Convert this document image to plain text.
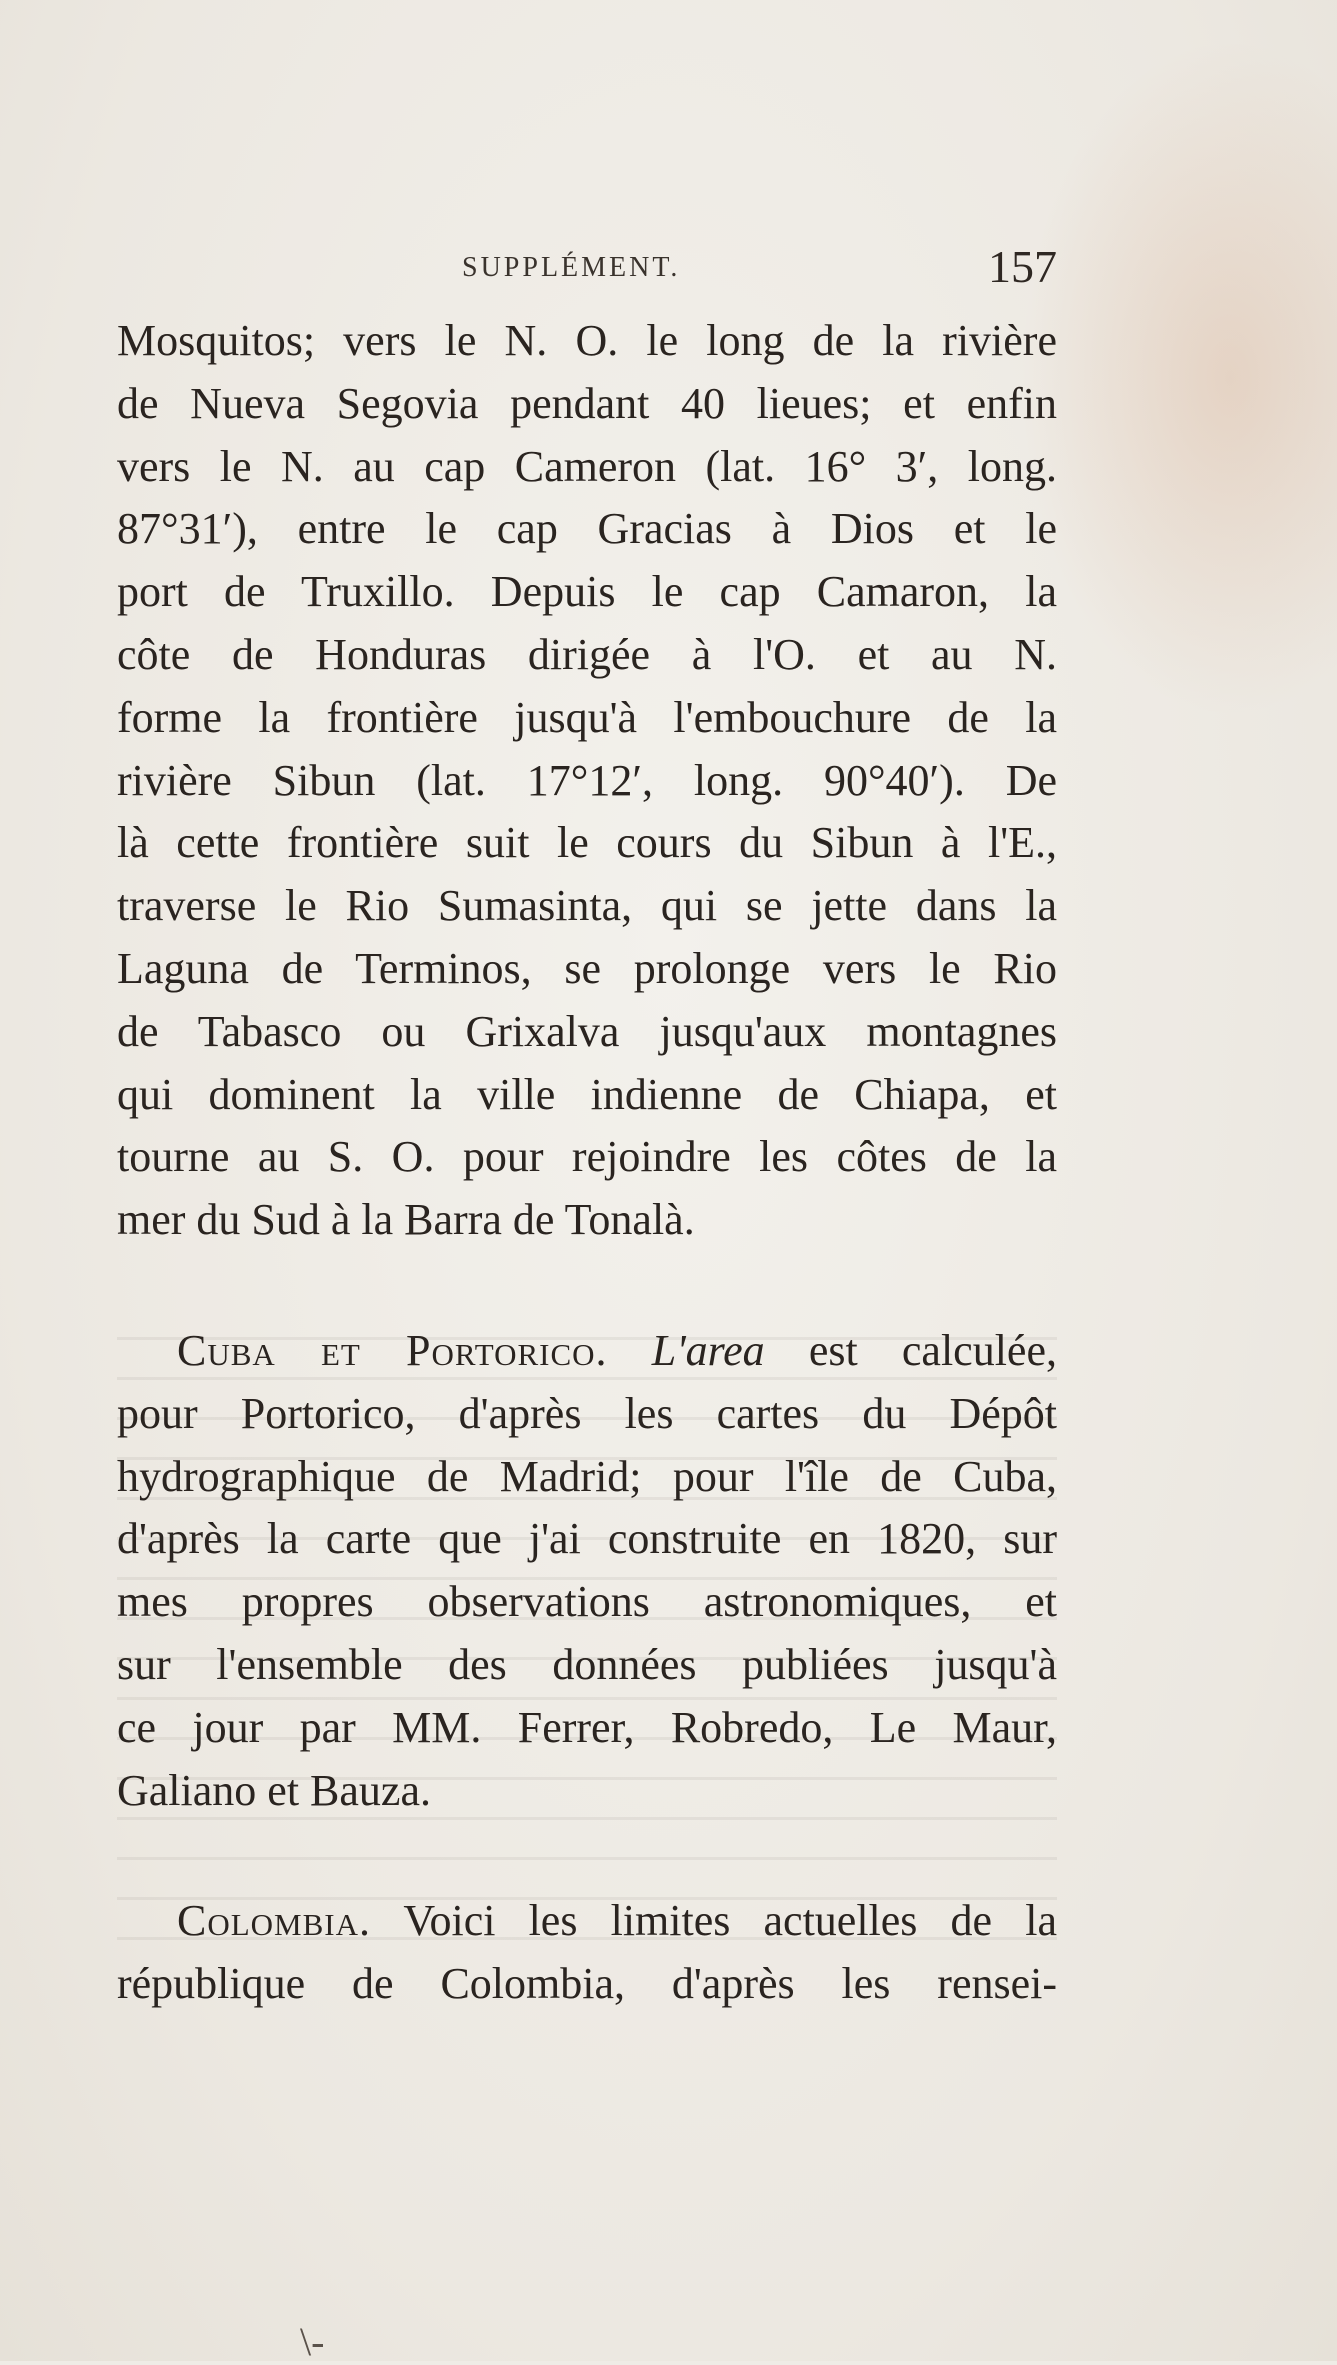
SUPPLÉMENT.	157
Mosquitos; vers le N. O. le long de la rivière
de Nueva Segovia pendant 40 lieues; et enfin
vers le N. au cap Cameron (lat. 16° 3′, long.
87°31′), entre le cap Gracias à Dios et le
port de Truxillo. Depuis le cap Camaron, la
côte de Honduras dirigée à l'O. et au N.
forme la frontière jusqu'à l'embouchure de la
rivière Sibun (lat. 17°12′, long. 90°40′). De
là cette frontière suit le cours du Sibun à l'E.,
traverse le Rio Sumasinta, qui se jette dans la
Laguna de Terminos, se prolonge vers le Rio
de Tabasco ou Grixalva jusqu'aux montagnes
qui dominent la ville indienne de Chiapa, et
tourne au S. O. pour rejoindre les côtes de la
mer du Sud à la Barra de Tonalà.
Cuba et Portorico. L'area est calculée,
pour Portorico, d'après les cartes du Dépôt
hydrographique de Madrid; pour l'île de Cuba,
d'après la carte que j'ai construite en 1820, sur
mes propres observations astronomiques, et
sur l'ensemble des données publiées jusqu'à
ce jour par MM. Ferrer, Robredo, Le Maur,
Galiano et Bauza.
Colombia. Voici les limites actuelles de la
république de Colombia, d'après les rensei-
\-
